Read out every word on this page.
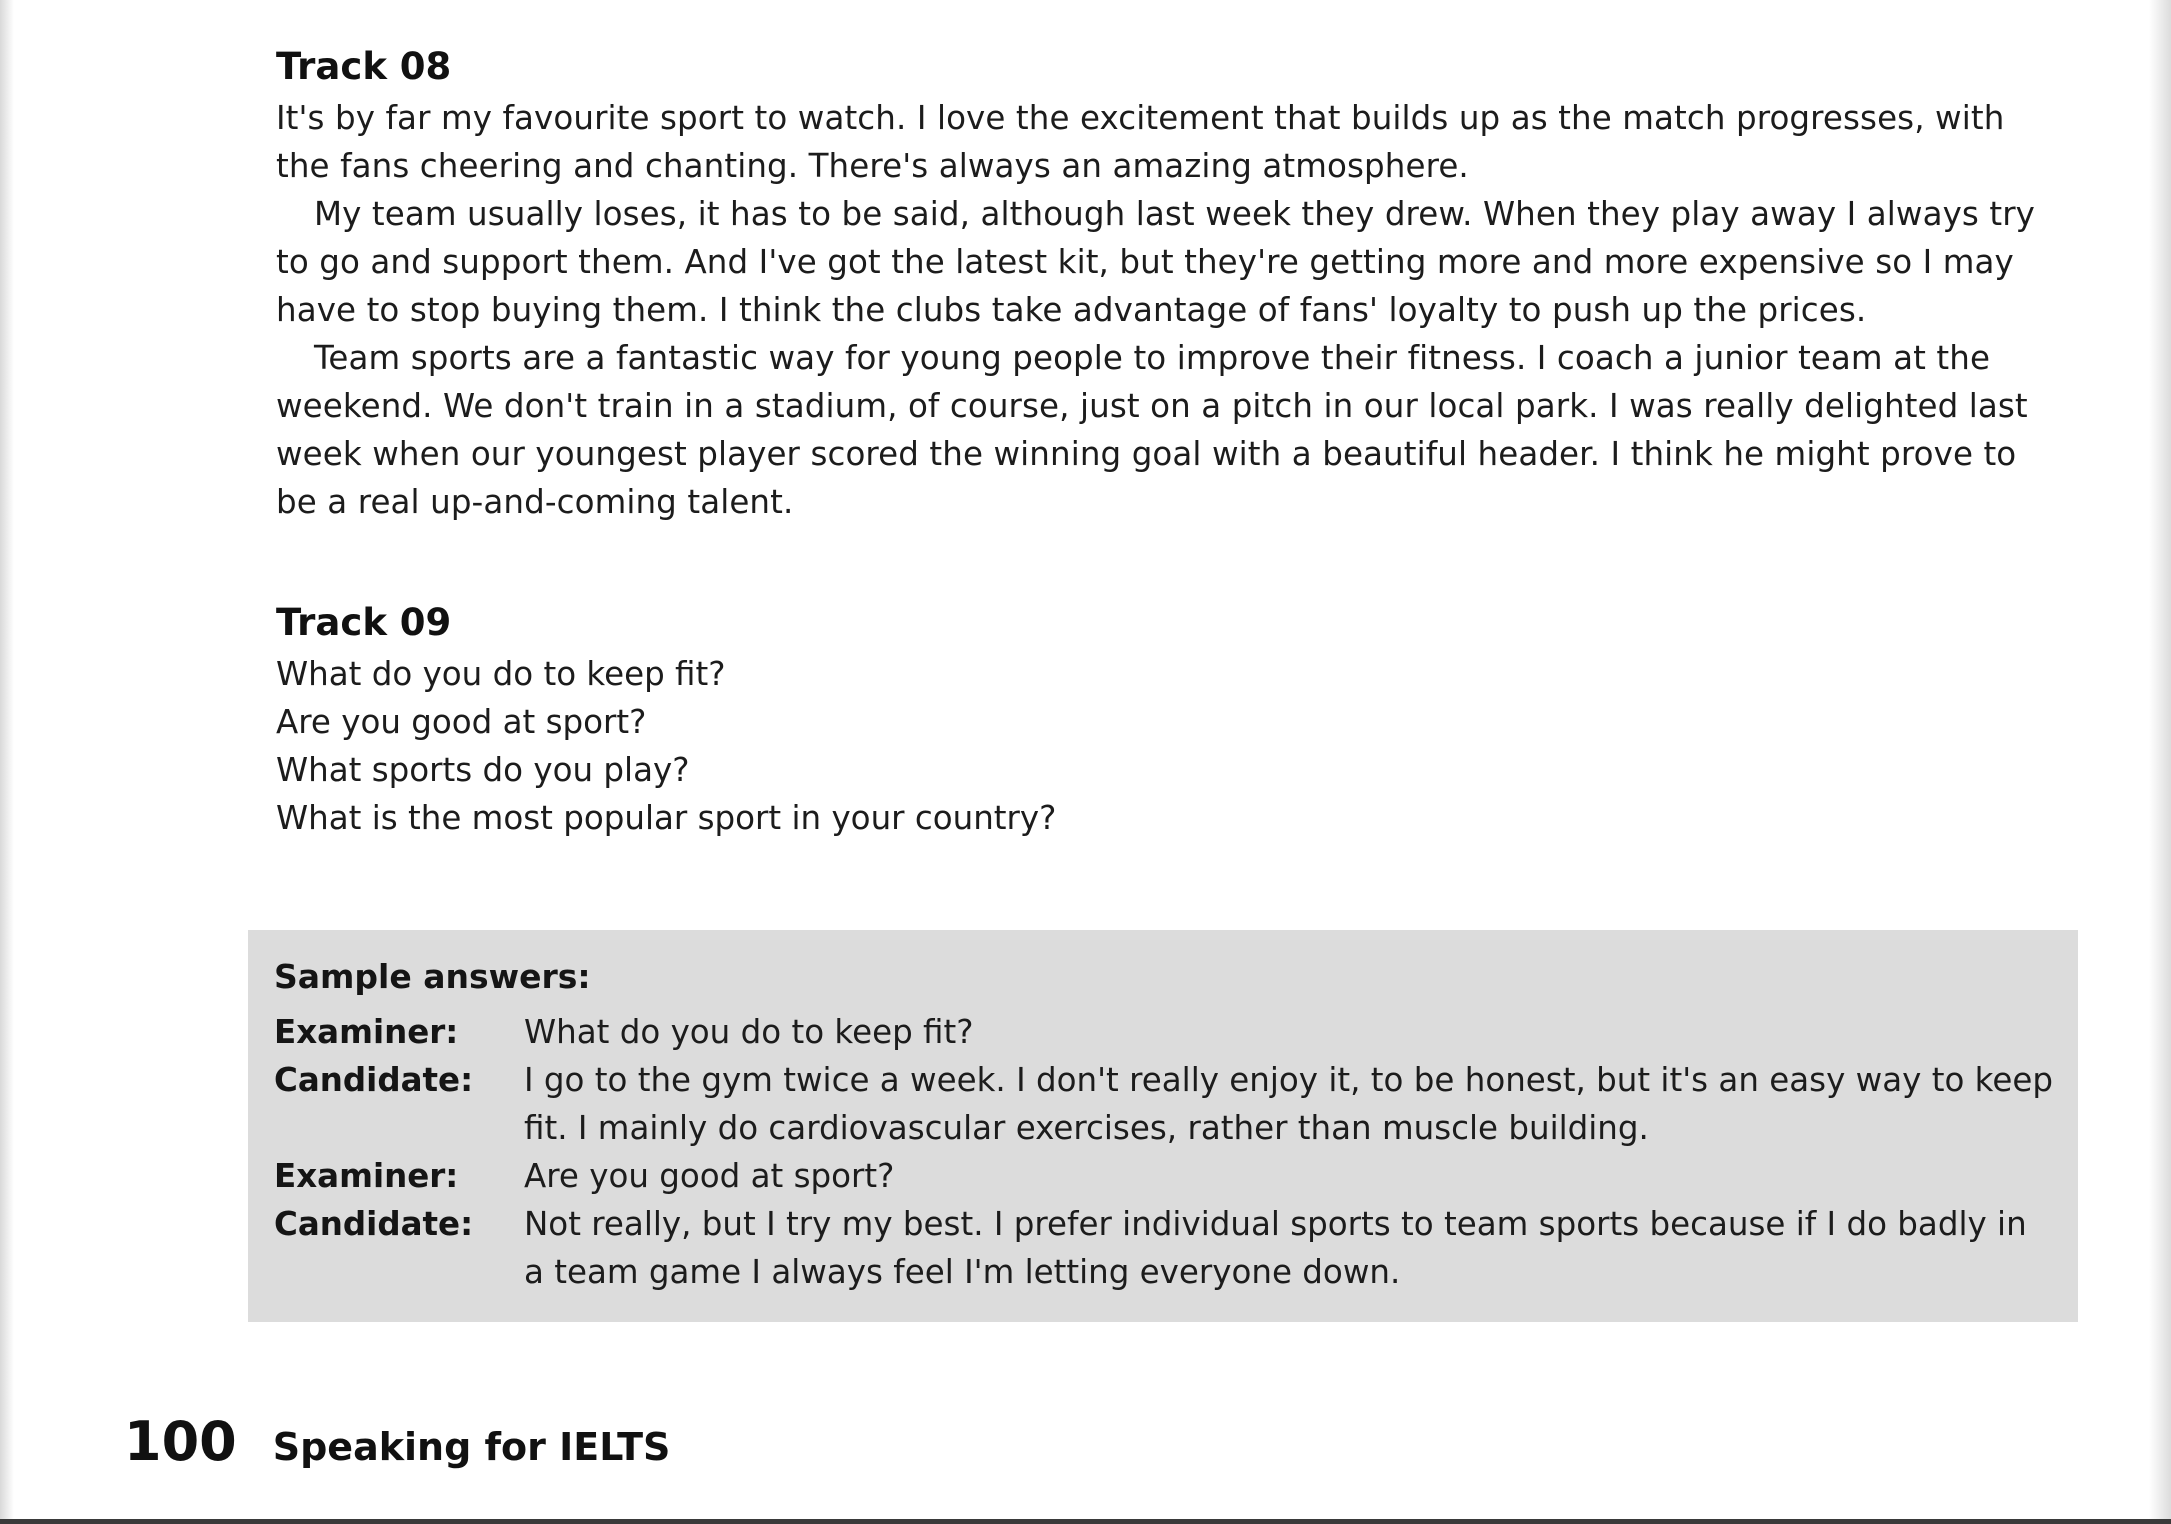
Track 08

It's by far my favourite sport to watch. I love the excitement that builds up as the match progresses, with the fans cheering and chanting. There's always an amazing atmosphere.

My team usually loses, it has to be said, although last week they drew. When they play away I always try to go and support them. And I've got the latest kit, but they're getting more and more expensive so I may have to stop buying them. I think the clubs take advantage of fans' loyalty to push up the prices.

Team sports are a fantastic way for young people to improve their fitness. I coach a junior team at the weekend. We don't train in a stadium, of course, just on a pitch in our local park. I was really delighted last week when our youngest player scored the winning goal with a beautiful header. I think he might prove to be a real up-and-coming talent.

Track 09

What do you do to keep fit?

Are you good at sport?

What sports do you play?

What is the most popular sport in your country?

Sample answers:
Examiner:	What do you do to keep fit?
Candidate:	I go to the gym twice a week. I don't really enjoy it, to be honest, but it's an easy way to keep fit. I mainly do cardiovascular exercises, rather than muscle building.
Examiner:	Are you good at sport?
Candidate:	Not really, but I try my best. I prefer individual sports to team sports because if I do badly in a team game I always feel I'm letting everyone down.
100 Speaking for IELTS
